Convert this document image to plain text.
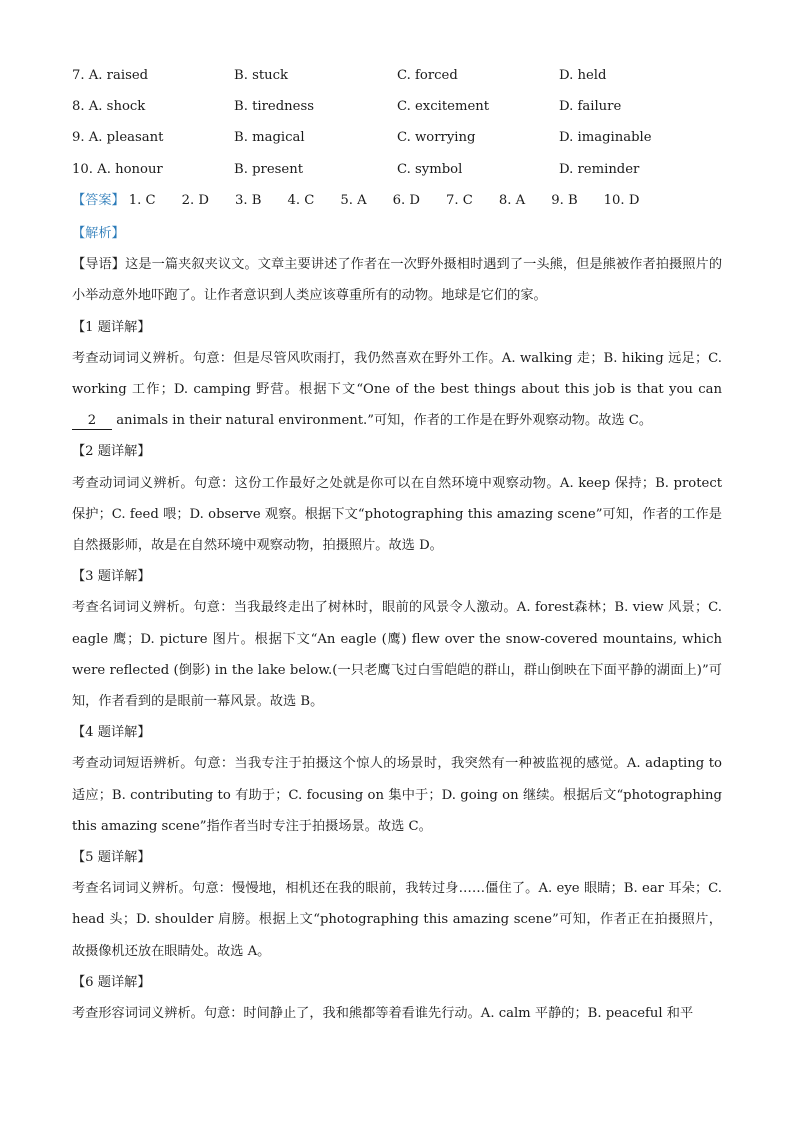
7. A. raised	B. stuck	C. forced	D. held
8. A. shock	B. tiredness	C. excitement	D. failure
9. A. pleasant	B. magical	C. worrying	D. imaginable
10. A. honour	B. present	C. symbol	D. reminder
【答案】 1. C 2. D 3. B 4. C 5. A 6. D 7. C 8. A 9. B 10. D
【解析】

【导语】这是一篇夹叙夹议文。文章主要讲述了作者在一次野外摄相时遇到了一头熊，但是熊被作者拍摄照片的小举动意外地吓跑了。让作者意识到人类应该尊重所有的动物。地球是它们的家。

【1 题详解】

考查动词词义辨析。句意：但是尽管风吹雨打，我仍然喜欢在野外工作。A. walking 走；B. hiking 远足；C. working 工作；D. camping 野营。根据下文“One of the best things about this job is that you can 2 animals in their natural environment.”可知，作者的工作是在野外观察动物。故选 C。

【2 题详解】

考查动词词义辨析。句意：这份工作最好之处就是你可以在自然环境中观察动物。A. keep 保持；B. protect 保护；C. feed 喂；D. observe 观察。根据下文“photographing this amazing scene”可知，作者的工作是自然摄影师，故是在自然环境中观察动物，拍摄照片。故选 D。

【3 题详解】

考查名词词义辨析。句意：当我最终走出了树林时，眼前的风景令人激动。A. forest森林；B. view 风景；C. eagle 鹰；D. picture 图片。根据下文“An eagle (鹰) flew over the snow-covered mountains, which were reflected (倒影) in the lake below.(一只老鹰飞过白雪皑皑的群山，群山倒映在下面平静的湖面上)”可知，作者看到的是眼前一幕风景。故选 B。

【4 题详解】

考查动词短语辨析。句意：当我专注于拍摄这个惊人的场景时，我突然有一种被监视的感觉。A. adapting to 适应；B. contributing to 有助于；C. focusing on 集中于；D. going on 继续。根据后文“photographing this amazing scene”指作者当时专注于拍摄场景。故选 C。

【5 题详解】

考查名词词义辨析。句意：慢慢地，相机还在我的眼前，我转过身……僵住了。A. eye 眼睛；B. ear 耳朵；C. head 头；D. shoulder 肩膀。根据上文“photographing this amazing scene”可知，作者正在拍摄照片，故摄像机还放在眼睛处。故选 A。

【6 题详解】

考查形容词词义辨析。句意：时间静止了，我和熊都等着看谁先行动。A. calm 平静的；B. peaceful 和平
